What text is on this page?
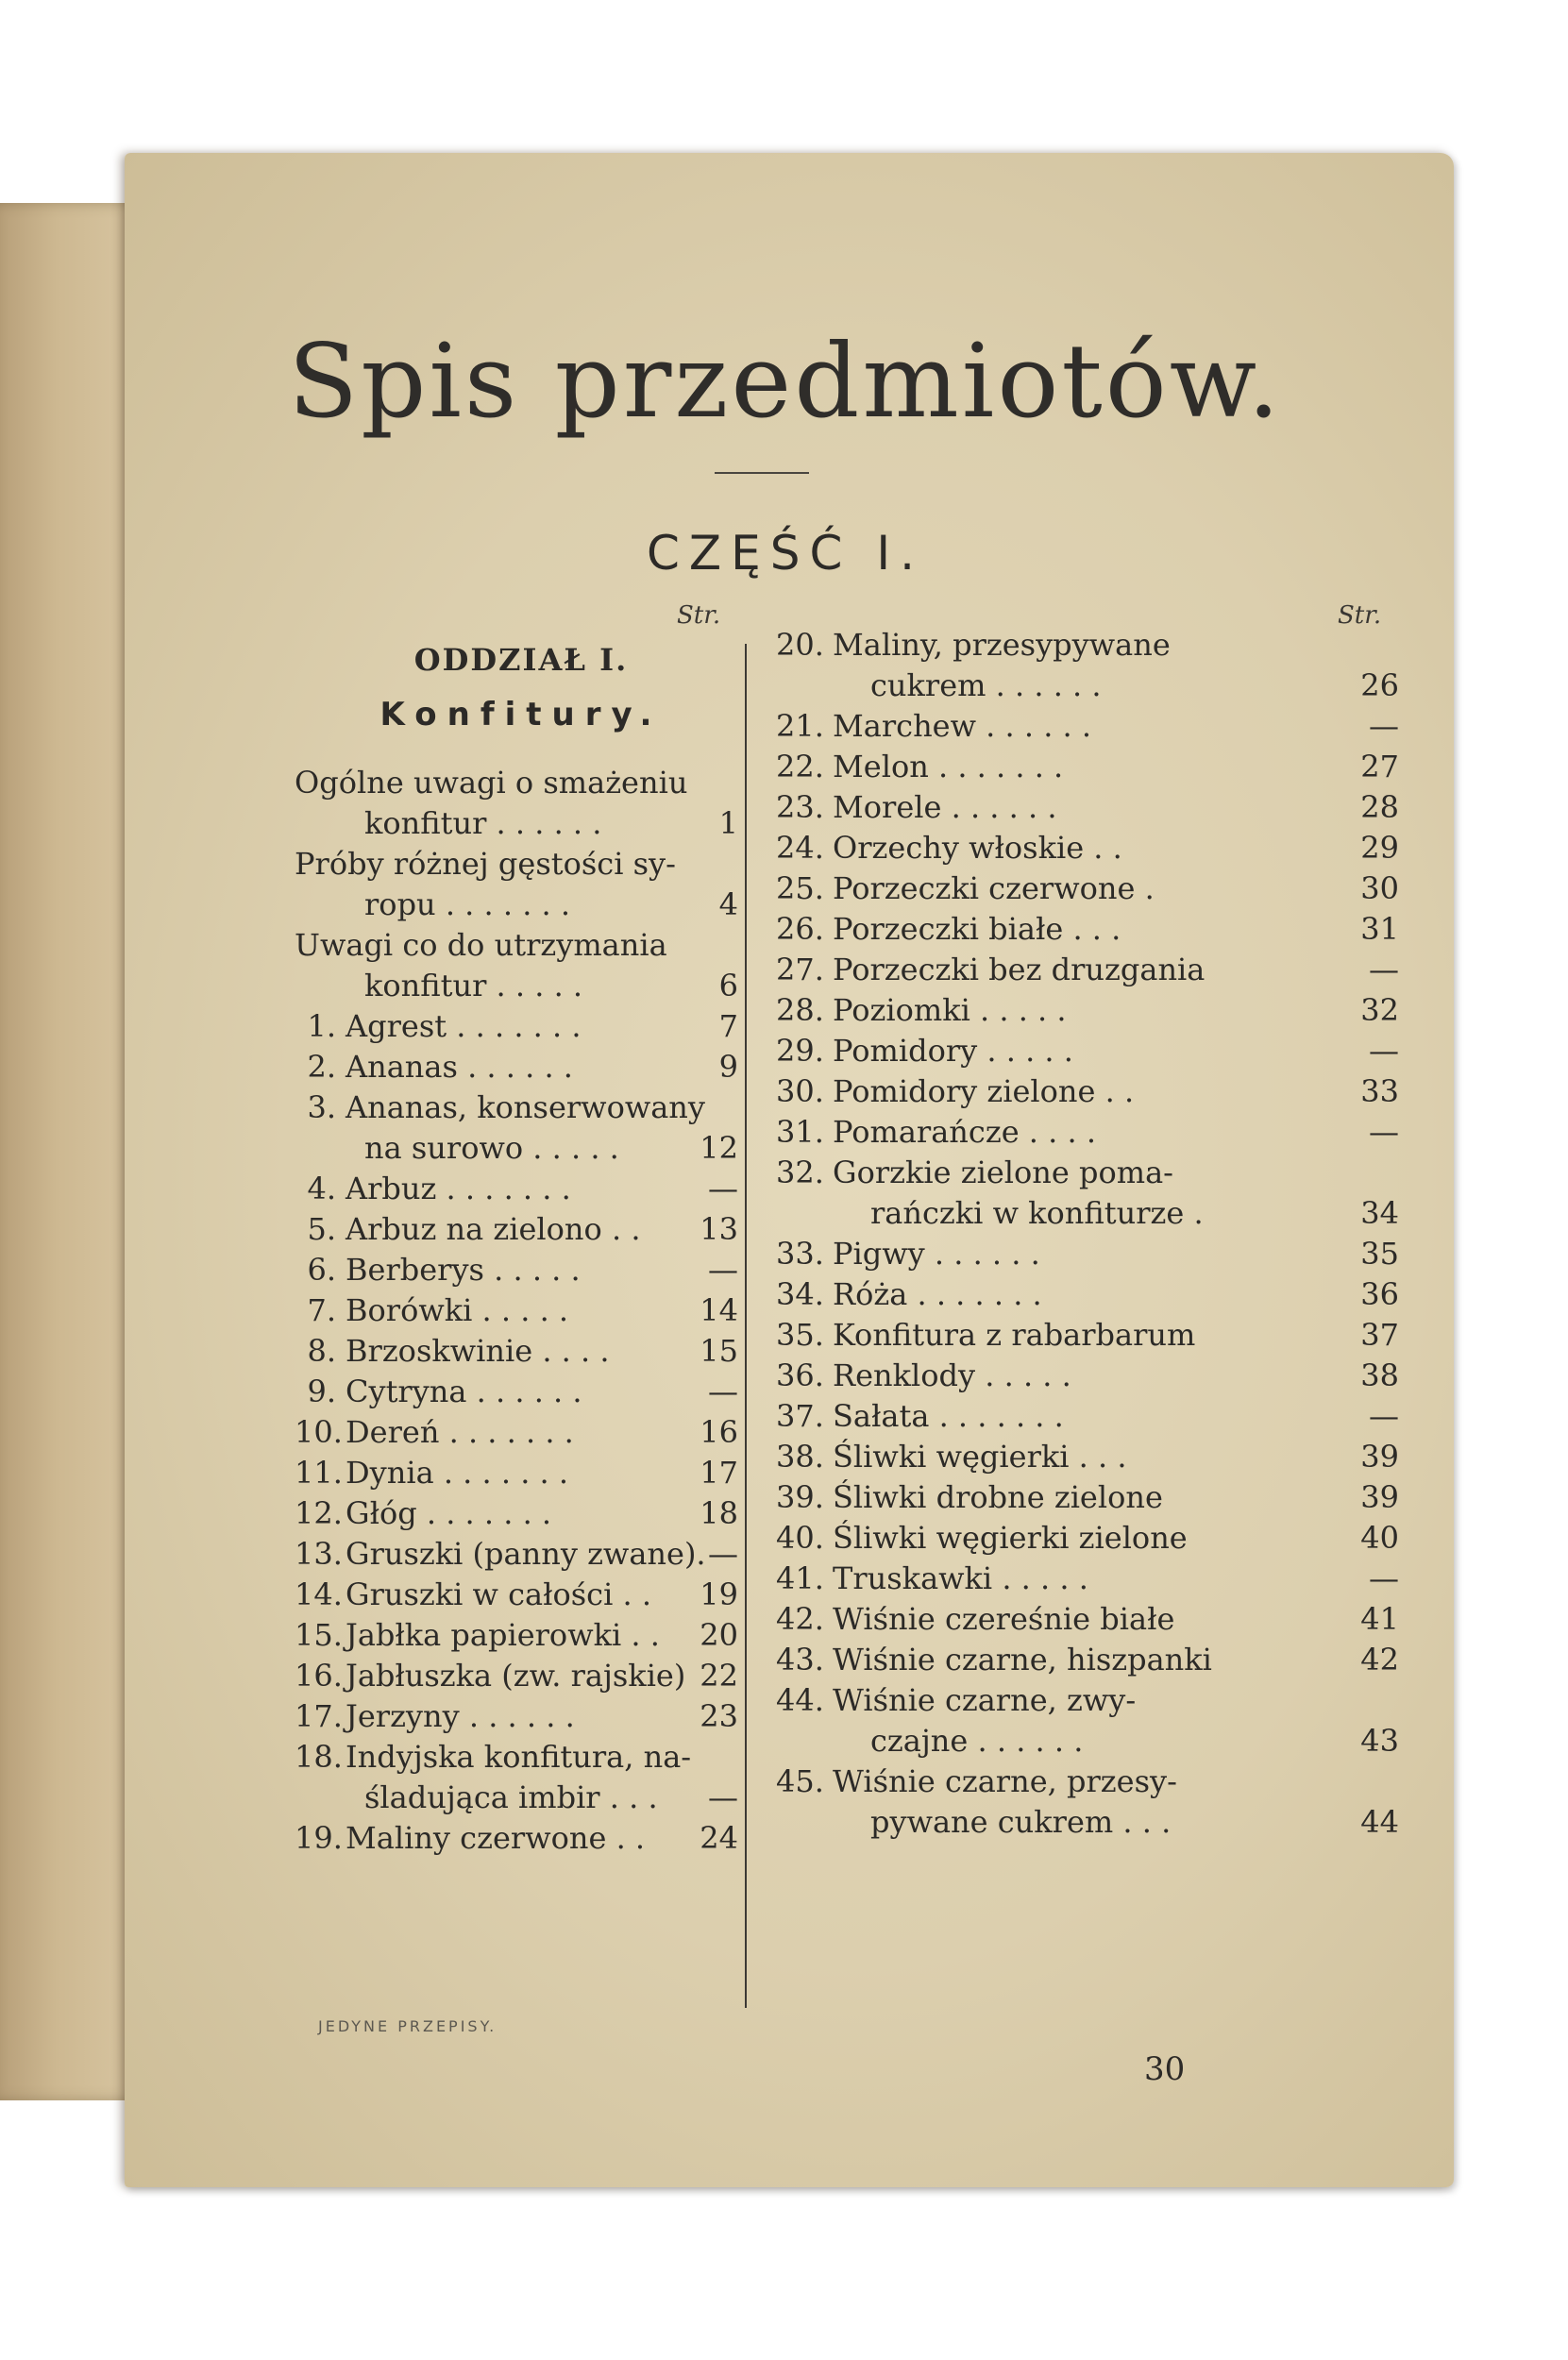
Spis przedmiotów.
CZĘŚĆ I.
Str.	Str.
ODDZIAŁ I.
Konfitury.
Ogólne uwagi o smażeniu
konfitur . . . . . .	1
Próby różnej gęstości sy-
ropu . . . . . . .	4
Uwagi co do utrzymania
konfitur . . . . .	6
1. Agrest . . . . . . .	7
2. Ananas . . . . . .	9
3. Ananas, konserwowany
na surowo . . . . .	12
4. Arbuz . . . . . . .	—
5. Arbuz na zielono . . 13
6. Berberys . . . . .	—
7. Borówki . . . . .	14
8. Brzoskwinie . . . .	15
9. Cytryna . . . . . .	—
10.Dereń . . . . . . .	16
11.Dynia . . . . . . .	17
12.Głóg . . . . . . .	18
13.Gruszki (panny zwane). —
14.Gruszki w całości . . 19
15.Jabłka papierowki . . 20
16.Jabłuszka (zw. rajskie) 22
17.Jerzyny . . . . . .	23
18.Indyjska konfitura, na-
śladująca imbir . . . —
19.Maliny czerwone . . 24
20. Maliny, przesypywane
cukrem . . . . . .	26
21. Marchew . . . . . .	—
22. Melon . . . . . . .	27
23. Morele . . . . . .	28
24. Orzechy włoskie . .	29
25. Porzeczki czerwone .	30
26. Porzeczki białe . . .	31
27. Porzeczki bez druzgania	—
28. Poziomki . . . . .	32
29. Pomidory . . . . .	—
30. Pomidory zielone . .	33
31. Pomarańcze . . . .	—
32. Gorzkie zielone poma-
rańczki w konfiturze .	34
33. Pigwy . . . . . .	35
34. Róża . . . . . . .	36
35. Konfitura z rabarbarum	37
36. Renklody . . . . .	38
37. Sałata . . . . . . .	—
38. Śliwki węgierki . . .	39
39. Śliwki drobne zielone	39
40. Śliwki węgierki zielone	40
41. Truskawki . . . . .	—
42. Wiśnie czereśnie białe	41
43. Wiśnie czarne, hiszpanki	42
44. Wiśnie czarne, zwy-
czajne . . . . . .	43
45. Wiśnie czarne, przesy-
pywane cukrem . . .	44
JEDYNE PRZEPISY.
30
